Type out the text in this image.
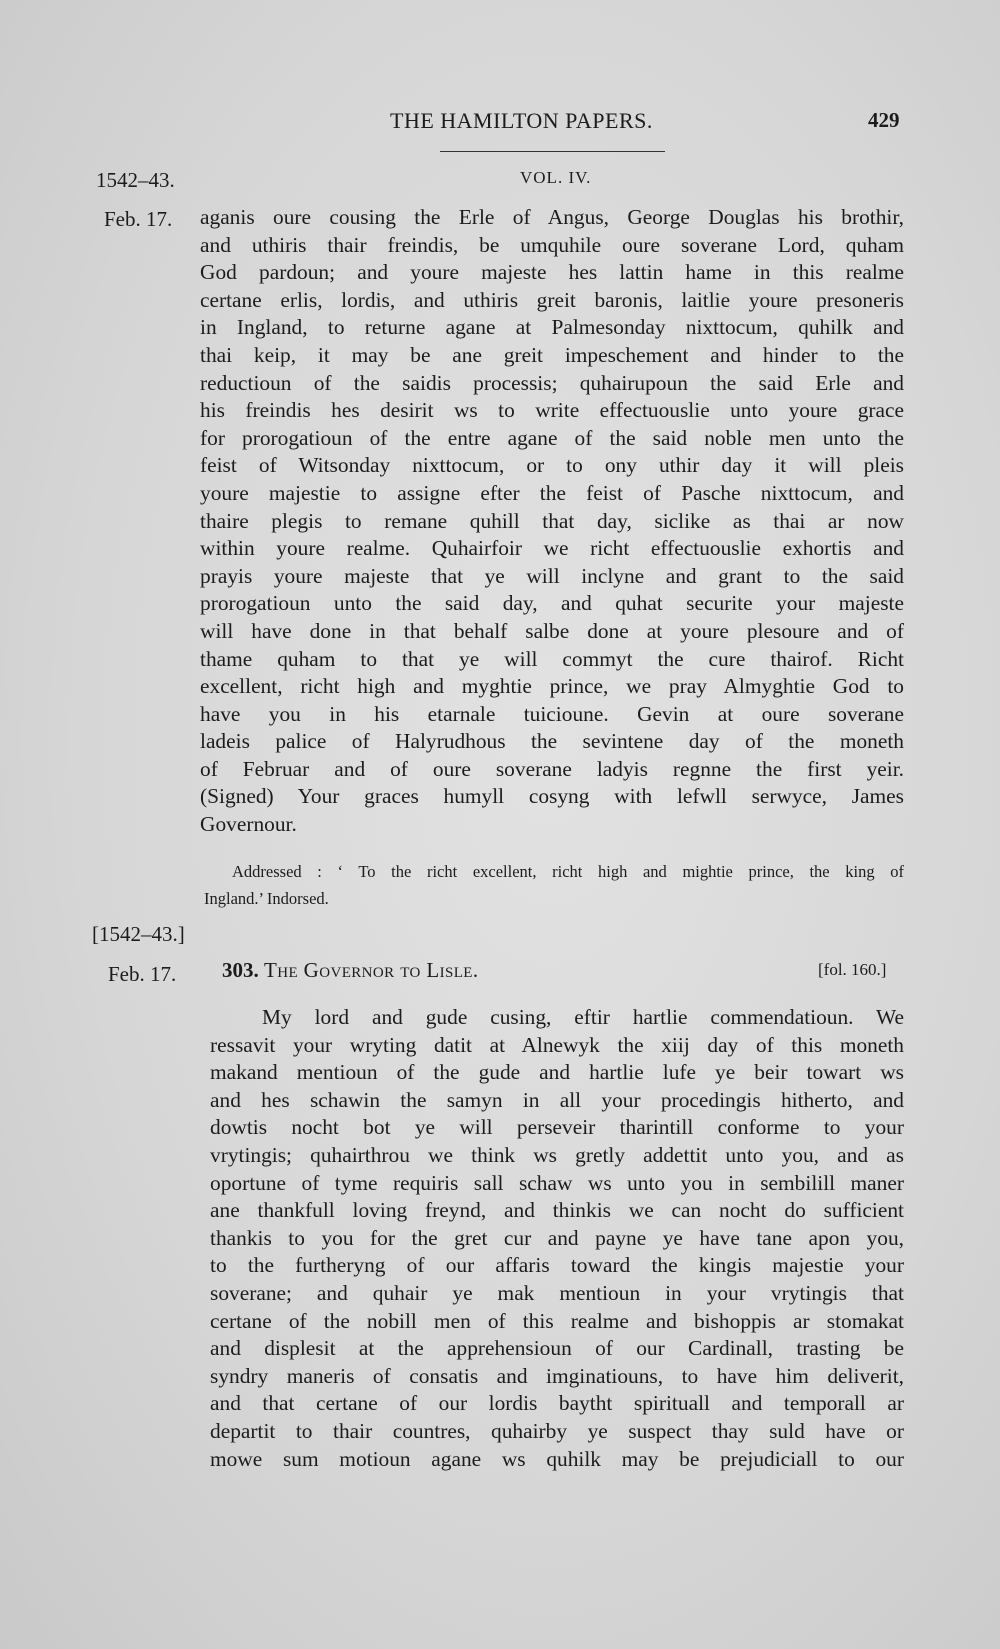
THE HAMILTON PAPERS.	429
1542–43.	VOL. IV.
Feb. 17. aganis oure cousing the Erle of Angus, George Douglas his brothir,
and uthiris thair freindis, be umquhile oure soverane Lord, quham
God pardoun; and youre majeste hes lattin hame in this realme
certane erlis, lordis, and uthiris greit baronis, laitlie youre presoneris
in Ingland, to returne agane at Palmesonday nixttocum, quhilk and
thai keip, it may be ane greit impeschement and hinder to the
reductioun of the saidis processis; quhairupoun the said Erle and
his freindis hes desirit ws to write effectuouslie unto youre grace
for prorogatioun of the entre agane of the said noble men unto the
feist of Witsonday nixttocum, or to ony uthir day it will pleis
youre majestie to assigne efter the feist of Pasche nixttocum, and
thaire plegis to remane quhill that day, siclike as thai ar now
within youre realme. Quhairfoir we richt effectuouslie exhortis and
prayis youre majeste that ye will inclyne and grant to the said
prorogatioun unto the said day, and quhat securite your majeste
will have done in that behalf salbe done at youre plesoure and of
thame quham to that ye will commyt the cure thairof. Richt
excellent, richt high and myghtie prince, we pray Almyghtie God to
have you in his etarnale tuicioune. Gevin at oure soverane
ladeis palice of Halyrudhous the sevintene day of the moneth
of Februar and of oure soverane ladyis regnne the first yeir.
(Signed) Your graces humyll cosyng with lefwll serwyce, James
Governour.
Addressed : ‘ To the richt excellent, richt high and mightie prince, the king of
Ingland.’ Indorsed.
[1542–43.]
Feb. 17. 303. The Governor to Lisle.	[fol. 160.]
My lord and gude cusing, eftir hartlie commendatioun. We
ressavit your wryting datit at Alnewyk the xiij day of this moneth
makand mentioun of the gude and hartlie lufe ye beir towart ws
and hes schawin the samyn in all your procedingis hitherto, and
dowtis nocht bot ye will perseveir tharintill conforme to your
vrytingis; quhairthrou we think ws gretly addettit unto you, and as
oportune of tyme requiris sall schaw ws unto you in sembilill maner
ane thankfull loving freynd, and thinkis we can nocht do sufficient
thankis to you for the gret cur and payne ye have tane apon you,
to the furtheryng of our affaris toward the kingis majestie your
soverane; and quhair ye mak mentioun in your vrytingis that
certane of the nobill men of this realme and bishoppis ar stomakat
and displesit at the apprehensioun of our Cardinall, trasting be
syndry maneris of consatis and imginatiouns, to have him deliverit,
and that certane of our lordis baytht spirituall and temporall ar
departit to thair countres, quhairby ye suspect thay suld have or
mowe sum motioun agane ws quhilk may be prejudiciall to our
